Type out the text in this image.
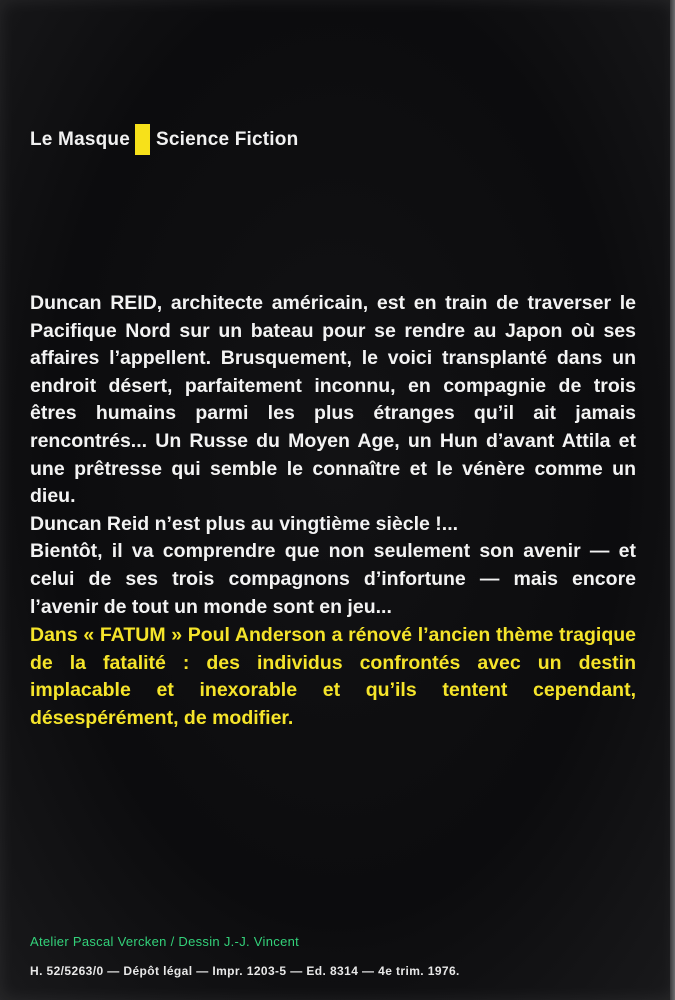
Le Masque Science Fiction

Duncan REID, architecte américain, est en train de traverser le Pacifique Nord sur un bateau pour se rendre au Japon où ses affaires l’appellent. Brusquement, le voici transplanté dans un endroit désert, parfaitement inconnu, en compagnie de trois êtres humains parmi les plus étranges qu’il ait jamais rencontrés... Un Russe du Moyen Age, un Hun d’avant Attila et une prêtresse qui semble le connaître et le vénère comme un dieu.

Duncan Reid n’est plus au vingtième siècle !...

Bientôt, il va comprendre que non seulement son avenir — et celui de ses trois compagnons d’infortune — mais encore l’avenir de tout un monde sont en jeu...

Dans « FATUM » Poul Anderson a rénové l’ancien thème tragique de la fatalité : des individus confrontés avec un destin implacable et inexorable et qu’ils tentent cependant, désespérément, de modifier.

Atelier Pascal Vercken / Dessin J.-J. Vincent
H. 52/5263/0 — Dépôt légal — Impr. 1203-5 — Ed. 8314 — 4e trim. 1976.
